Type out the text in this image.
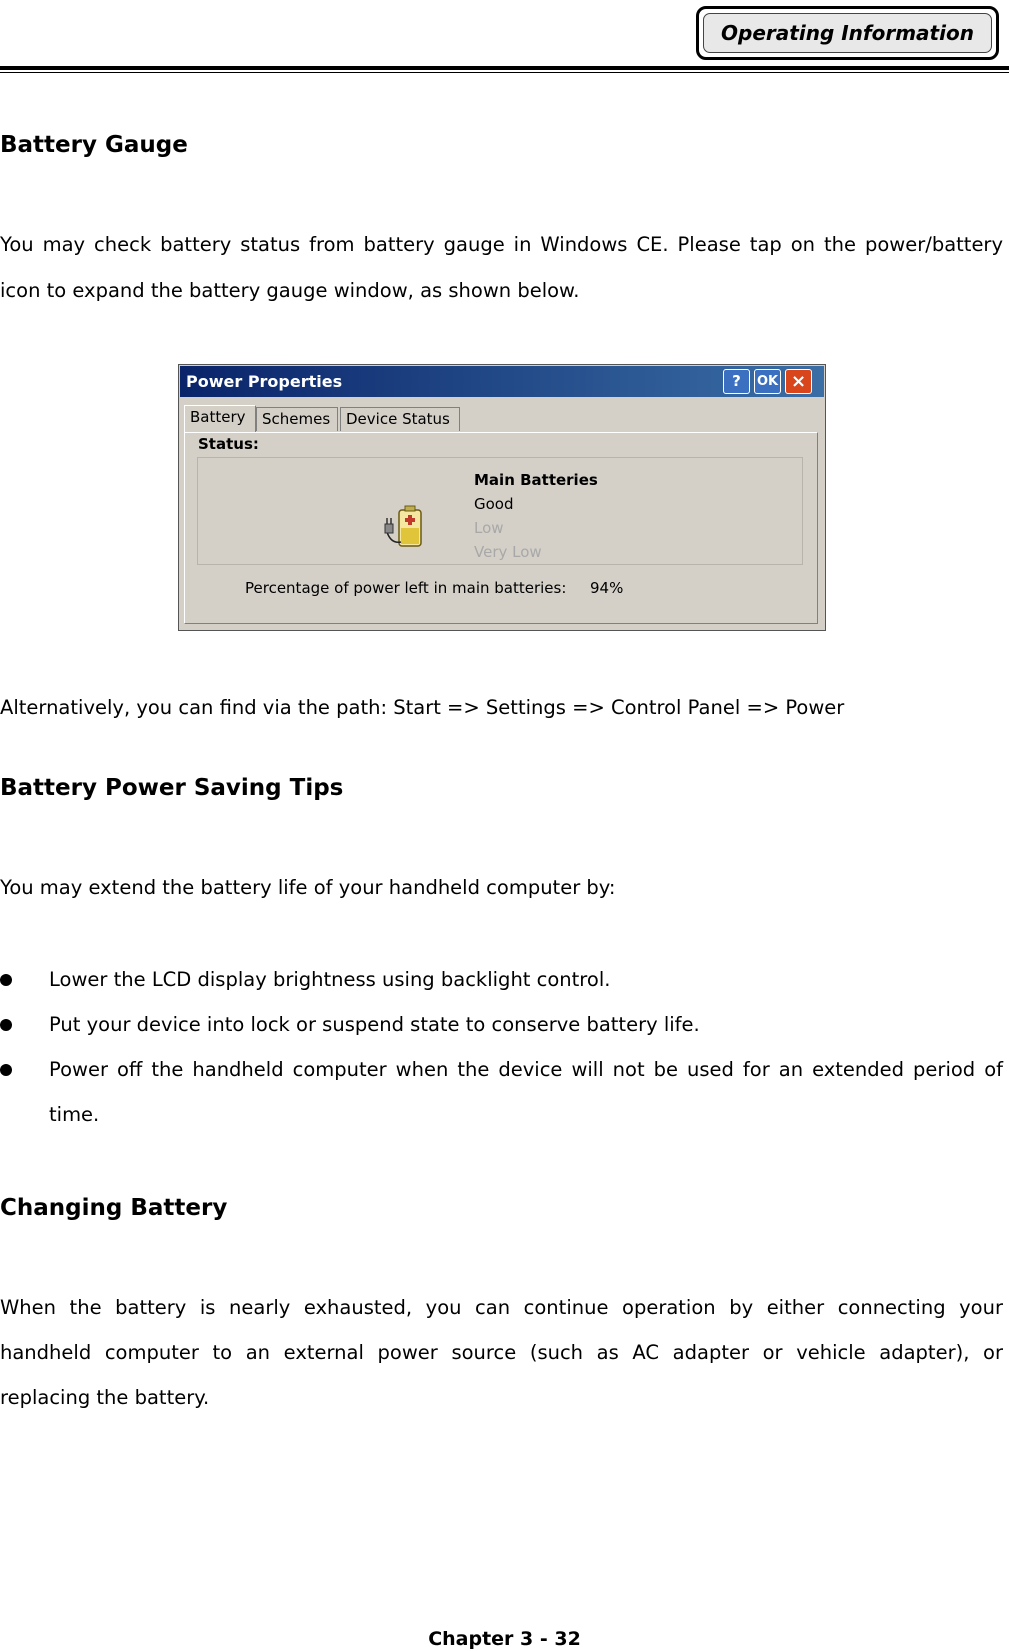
Operating Information
Battery Gauge
You may check battery status from battery gauge in Windows CE. Please tap on the power/battery
icon to expand the battery gauge window, as shown below.
Power Properties	?	OK ×
Battery	Schemes	Device Status
Status:
Main Batteries
Good
Low
Very Low
Percentage of power left in main batteries: 94%
Alternatively, you can find via the path: Start => Settings => Control Panel => Power
Battery Power Saving Tips
You may extend the battery life of your handheld computer by:
Lower the LCD display brightness using backlight control.
Put your device into lock or suspend state to conserve battery life.
Power off the handheld computer when the device will not be used for an extended period of
time.
Changing Battery
When the battery is nearly exhausted, you can continue operation by either connecting your
handheld computer to an external power source (such as AC adapter or vehicle adapter), or
replacing the battery.
Chapter 3 - 32
